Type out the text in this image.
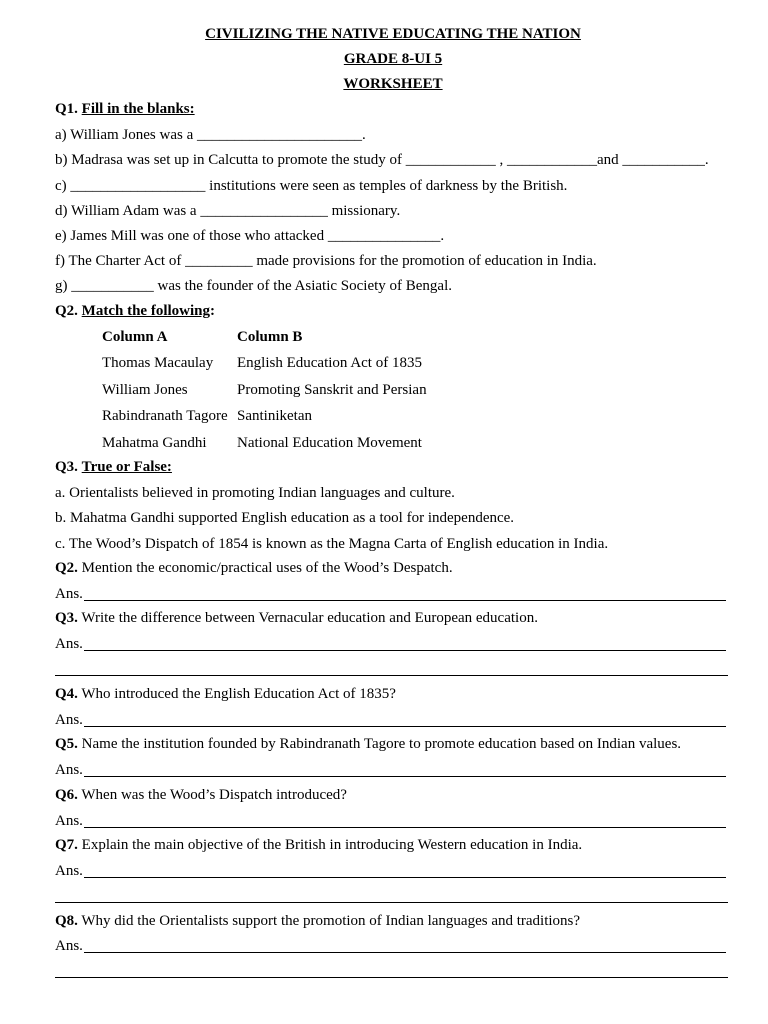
CIVILIZING THE NATIVE EDUCATING THE NATION
GRADE 8-UI 5
WORKSHEET
Q1. Fill in the blanks:
a) William Jones was a ______________________.
b) Madrasa was set up in Calcutta to promote the study of ____________ , ____________and ___________.
c) __________________ institutions were seen as temples of darkness by the British.
d) William Adam was a _________________ missionary.
e) James Mill was one of those who attacked _______________.
f) The Charter Act of _________ made provisions for the promotion of education in India.
g) ___________ was the founder of the Asiatic Society of Bengal.
Q2. Match the following:
Column A	Column B
Thomas Macaulay English Education Act of 1835
William Jones	Promoting Sanskrit and Persian
Rabindranath Tagore Santiniketan
Mahatma Gandhi National Education Movement
Q3. True or False:
a. Orientalists believed in promoting Indian languages and culture.
b. Mahatma Gandhi supported English education as a tool for independence.
c. The Wood’s Dispatch of 1854 is known as the Magna Carta of English education in India.
Q2. Mention the economic/practical uses of the Wood’s Despatch.
Ans.
Q3. Write the difference between Vernacular education and European education.
Ans.
Q4. Who introduced the English Education Act of 1835?
Ans.
Q5. Name the institution founded by Rabindranath Tagore to promote education based on Indian values.
Ans.
Q6. When was the Wood’s Dispatch introduced?
Ans.
Q7. Explain the main objective of the British in introducing Western education in India.
Ans.
Q8. Why did the Orientalists support the promotion of Indian languages and traditions?
Ans.
